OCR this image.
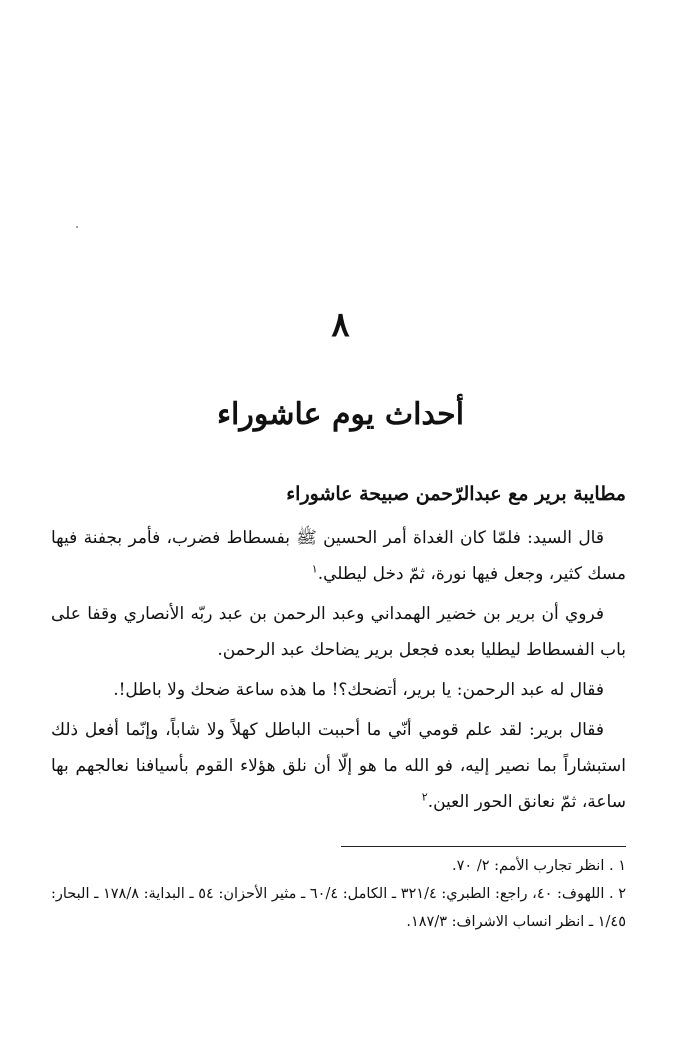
٨
أحداث يوم عاشوراء
مطايبة برير مع عبدالرّحمن صبيحة عاشوراء

قال السيد: فلمّا كان الغداة أمر الحسين ﷺ بفسطاط فضرب، فأمر بجفنة فيها مسك كثير، وجعل فيها نورة، ثمّ دخل ليطلي.$^١$

فروي أن برير بن خضير الهمداني وعبد الرحمن بن عبد ربّه الأنصاري وقفا على باب الفسطاط ليطليا بعده فجعل برير يضاحك عبد الرحمن.

فقال له عبد الرحمن: يا برير، أتضحك؟! ما هذه ساعة ضحك ولا باطل!.

فقال برير: لقد علم قومي أنّي ما أحببت الباطل كهلاً ولا شاباً، وإنّما أفعل ذلك استبشاراً بما نصير إليه، فو الله ما هو إلّا أن نلق هؤلاء القوم بأسيافنا نعالجهم بها ساعة، ثمّ نعانق الحور العين.$^٢$

١ . انظر تجارب الأمم: ٢/ ٧٠.

٢ . اللهوف: ٤٠، راجع: الطبري: ٣٢١/٤ ـ الكامل: ٦٠/٤ ـ مثير الأحزان: ٥٤ ـ البداية: ١٧٨/٨ ـ البحار: ١/٤٥ ـ انظر انساب الاشراف: ١٨٧/٣.
